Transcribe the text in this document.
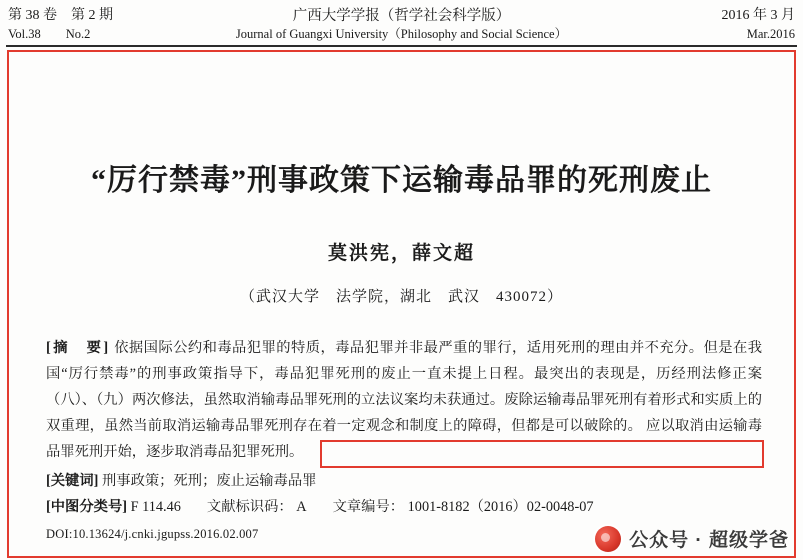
第 38 卷　第 2 期	广西大学学报（哲学社会科学版）	2016 年 3 月
Vol.38　　No.2	Journal of Guangxi University（Philosophy and Social Science）	Mar.2016
“厉行禁毒”刑事政策下运输毒品罪的死刑废止
莫洪宪，薛文超
（武汉大学　法学院，湖北　武汉　430072）
[摘　要] 依据国际公约和毒品犯罪的特质，毒品犯罪并非最严重的罪行，适用死刑的理由并不充分。但是在我国“厉行禁毒”的刑事政策指导下，毒品犯罪死刑的废止一直未提上日程。最突出的表现是，历经刑法修正案（八）、（九）两次修法，虽然取消输毒品罪死刑的立法议案均未获通过。废除运输毒品罪死刑有着形式和实质上的双重理，虽然当前取消运输毒品罪死刑存在着一定观念和制度上的障碍，但都是可以破除的。 应以取消由运输毒品罪死刑开始，逐步取消毒品犯罪死刑。
[关键词] 刑事政策；死刑；废止运输毒品罪
[中图分类号] F 114.46 文献标识码： A 文章编号： 1001-8182（2016）02-0048-07
DOI:10.13624/j.cnki.jgupss.2016.02.007	公众号 · 超级学爸
